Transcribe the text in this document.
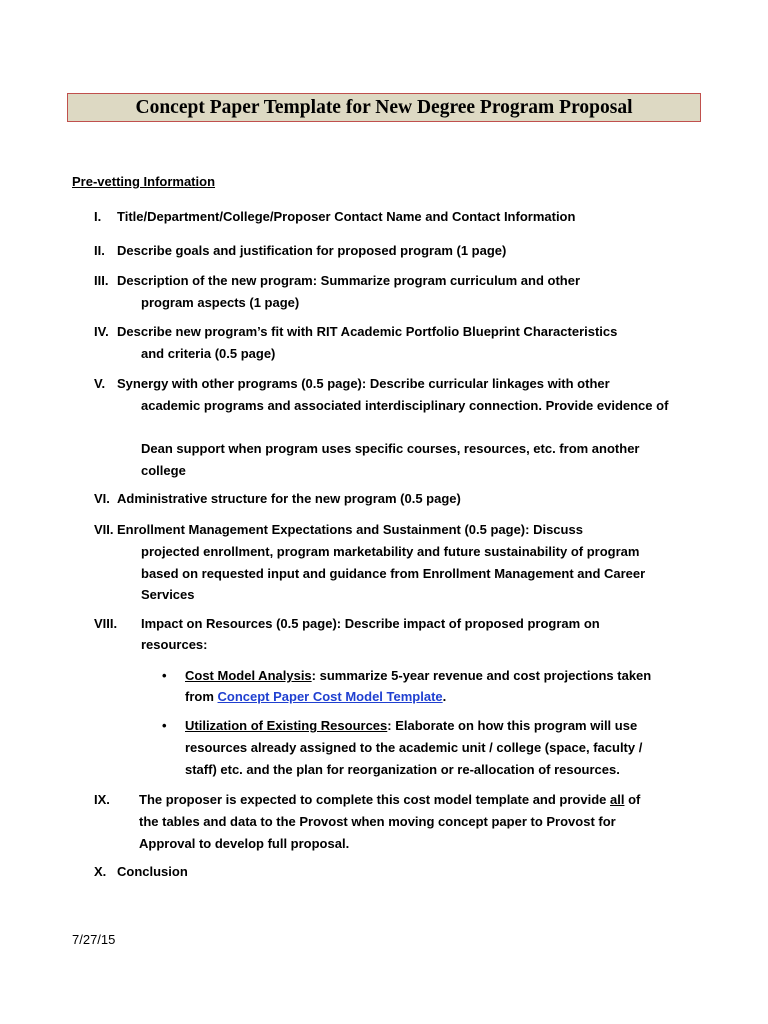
Concept Paper Template for New Degree Program Proposal
Pre-vetting Information
I. Title/Department/College/Proposer Contact Name and Contact Information
II. Describe goals and justification for proposed program (1 page)
III. Description of the new program: Summarize program curriculum and other
program aspects (1 page)
IV. Describe new program’s fit with RIT Academic Portfolio Blueprint Characteristics
and criteria (0.5 page)
V. Synergy with other programs (0.5 page): Describe curricular linkages with other
academic programs and associated interdisciplinary connection. Provide evidence of
Dean support when program uses specific courses, resources, etc. from another
college
VI. Administrative structure for the new program (0.5 page)
VII. Enrollment Management Expectations and Sustainment (0.5 page): Discuss
projected enrollment, program marketability and future sustainability of program
based on requested input and guidance from Enrollment Management and Career
Services
VIII. Impact on Resources (0.5 page): Describe impact of proposed program on
resources:
• Cost Model Analysis: summarize 5-year revenue and cost projections taken
from Concept Paper Cost Model Template.
• Utilization of Existing Resources: Elaborate on how this program will use
resources already assigned to the academic unit / college (space, faculty /
staff) etc. and the plan for reorganization or re-allocation of resources.
IX. The proposer is expected to complete this cost model template and provide all of
the tables and data to the Provost when moving concept paper to Provost for
Approval to develop full proposal.
X. Conclusion
7/27/15
